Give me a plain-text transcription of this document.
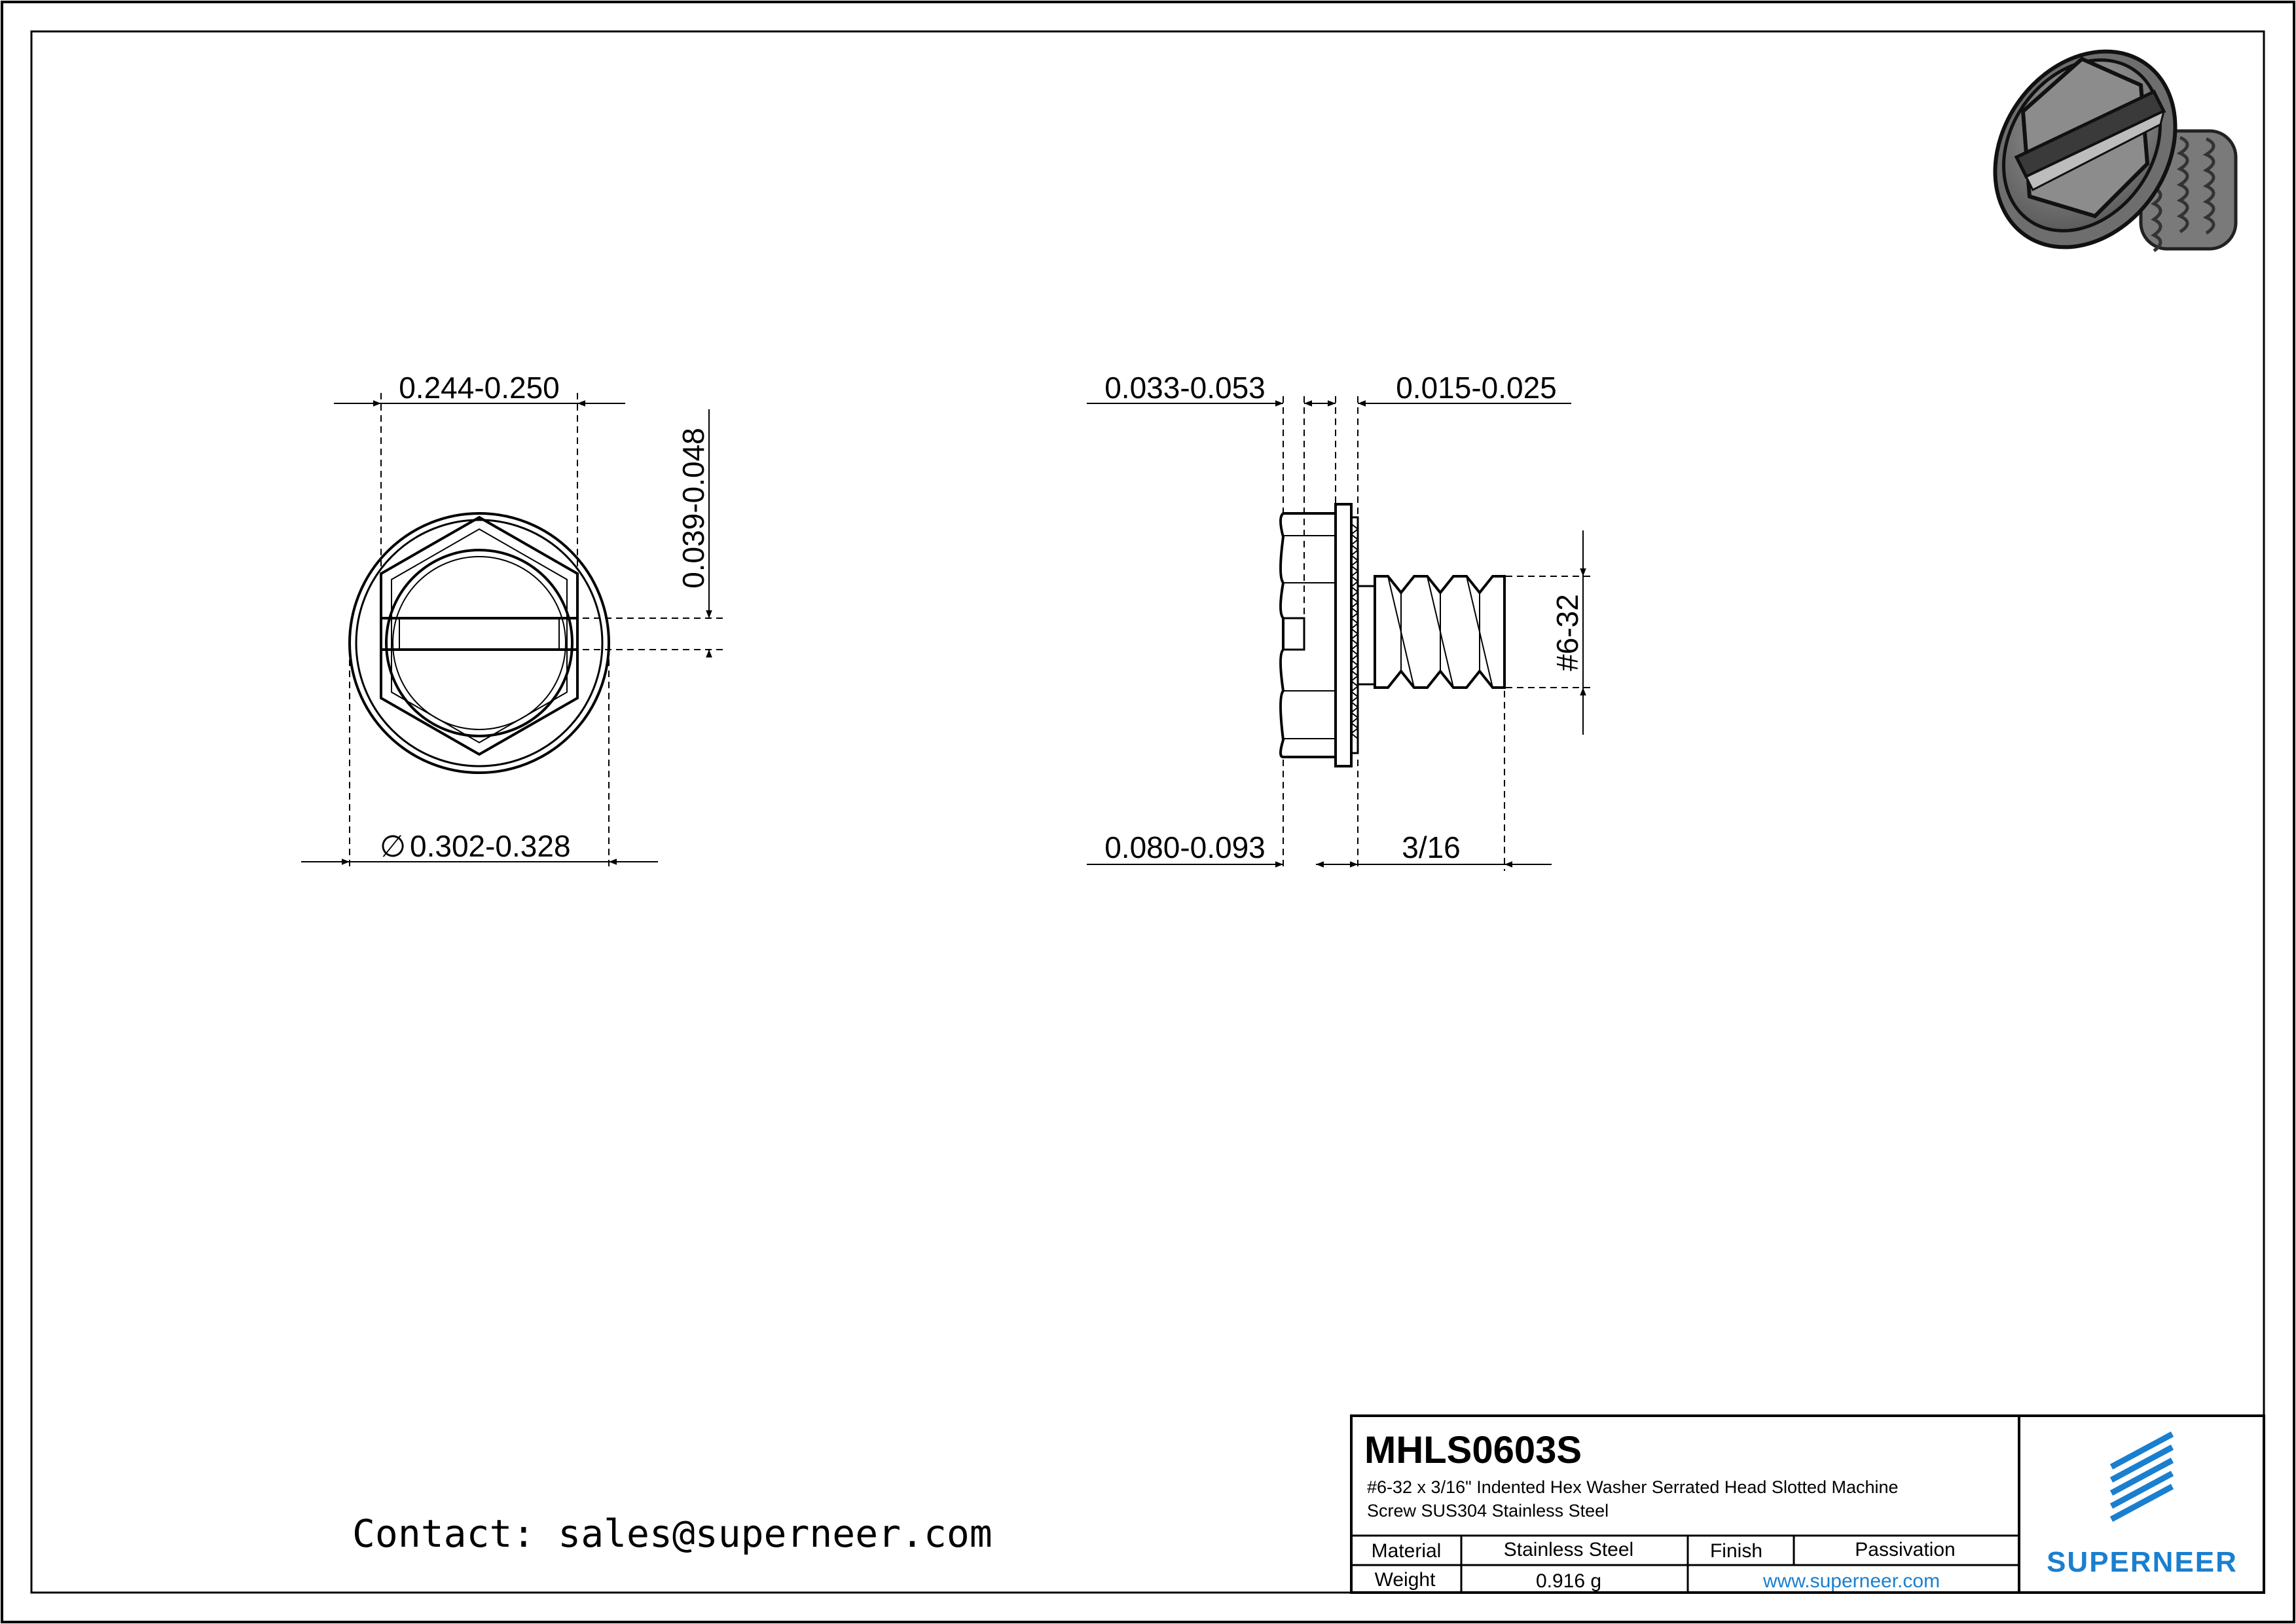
0.244-0.250
0.039-0.048
∅ 0.302-0.328
0.033-0.053	0.015-0.025
#6-32
0.080-0.093	3/16
Contact: sales@superneer.com
MHLS0603S
#6-32 x 3/16" Indented Hex Washer Serrated Head Slotted Machine
Screw SUS304 Stainless Steel
Material	Stainless Steel	Finish	Passivation
Weight	0.916 g	www.superneer.com
SUPERNEER
